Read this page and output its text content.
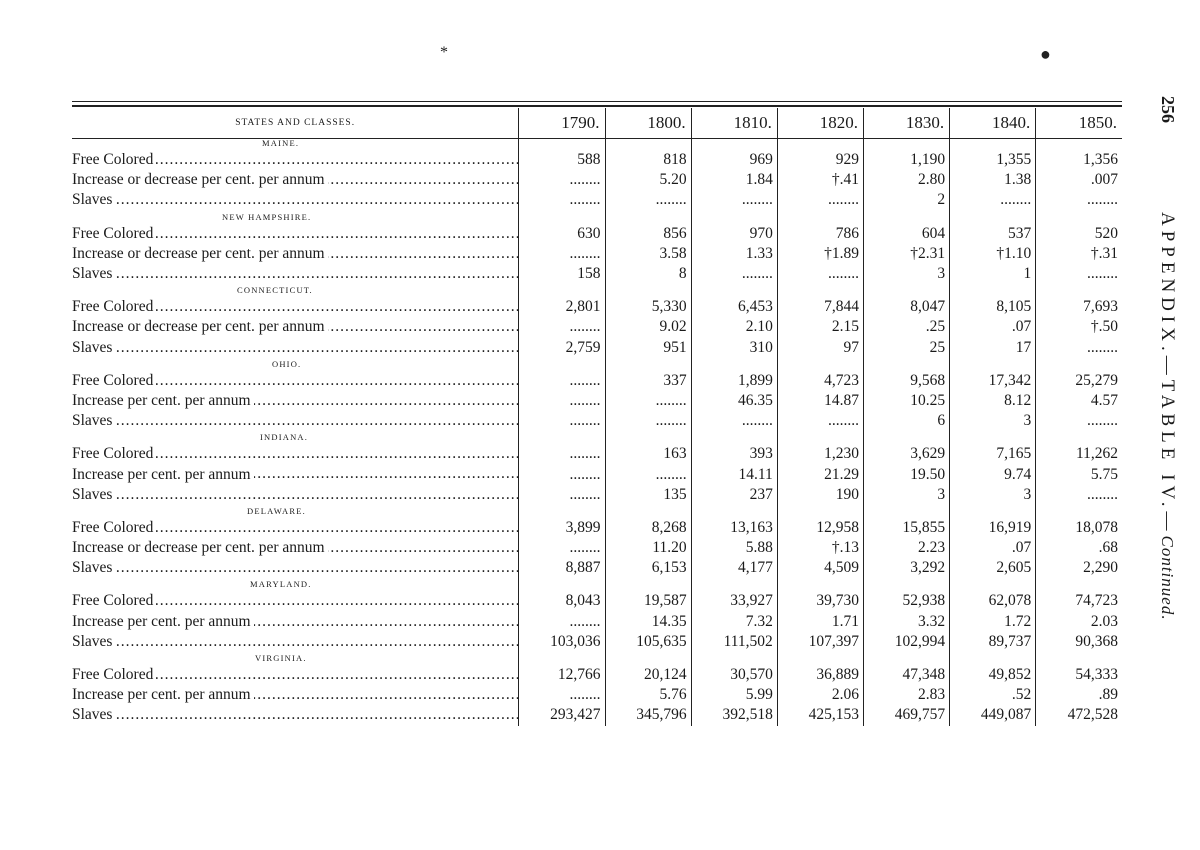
*	●
256
APPENDIX.—TABLE IV.—Continued.
STATES AND CLASSES.	1790.	1800.	1810.	1820.	1830.	1840.	1850.
MAINE.							
Free Colored .....	588	818	969	929	1,190	1,355	1,356
Increase or decrease per cent. per annum .....	........	5.20	1.84	†.41	2.80	1.38	.007
Slaves .....	........	........	........	........	2	........	........
NEW HAMPSHIRE.							
Free Colored .....	630	856	970	786	604	537	520
Increase or decrease per cent. per annum .....	........	3.58	1.33	†1.89	†2.31	†1.10	†.31
Slaves .....	158	8	........	........	3	1	........
CONNECTICUT.							
Free Colored .....	2,801	5,330	6,453	7,844	8,047	8,105	7,693
Increase or decrease per cent. per annum .....	........	9.02	2.10	2.15	.25	.07	†.50
Slaves .....	2,759	951	310	97	25	17	........
OHIO.							
Free Colored .....	........	337	1,899	4,723	9,568	17,342	25,279
Increase per cent. per annum .....	........	........	46.35	14.87	10.25	8.12	4.57
Slaves .....	........	........	........	........	6	3	........
INDIANA.							
Free Colored .....	........	163	393	1,230	3,629	7,165	11,262
Increase per cent. per annum .....	........	........	14.11	21.29	19.50	9.74	5.75
Slaves .....	........	135	237	190	3	3	........
DELAWARE.							
Free Colored .....	3,899	8,268	13,163	12,958	15,855	16,919	18,078
Increase or decrease per cent. per annum .....	........	11.20	5.88	†.13	2.23	.07	.68
Slaves .....	8,887	6,153	4,177	4,509	3,292	2,605	2,290
MARYLAND.							
Free Colored .....	8,043	19,587	33,927	39,730	52,938	62,078	74,723
Increase per cent. per annum .....	........	14.35	7.32	1.71	3.32	1.72	2.03
Slaves .....	103,036	105,635	111,502	107,397	102,994	89,737	90,368
VIRGINIA.							
Free Colored .....	12,766	20,124	30,570	36,889	47,348	49,852	54,333
Increase per cent. per annum .....	........	5.76	5.99	2.06	2.83	.52	.89
Slaves .....	293,427	345,796	392,518	425,153	469,757	449,087	472,528
